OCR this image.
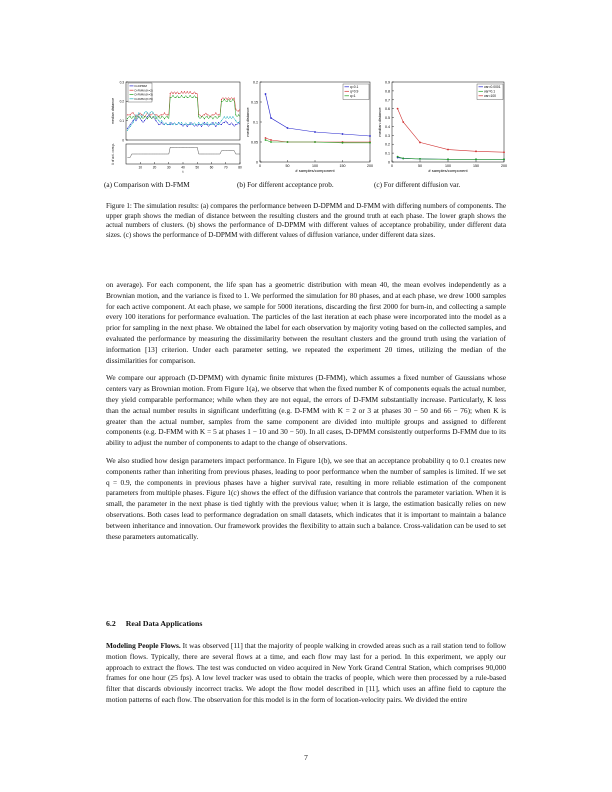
0
0.1
0.2
0.3
10	20	30	40	50	60	70	80
t
median distance
# of act. com p.
D-DPMM
D-FMM (K=2)
D-FMM (K=3)
D-FMM (K=5)
0
0.05
0.1
0.15
0.2
0	50	100	150	200
# samples/component
median distance
q=0.1
q=0.9
q=1
0
0.1
0.2
0.3
0.4
0.5
0.6
0.7
0.8
0.9
0	50	100	150	200
# samples/component
median distance
var=0.0001
var=0.1
var=100
(a) Comparison with D-FMM	(b) For different acceptance prob.	(c) For different diffusion var.
Figure 1: The simulation results: (a) compares the performance between D-DPMM and D-FMM with differing numbers of components. The upper graph shows the median of distance between the resulting clusters and the ground truth at each phase. The lower graph shows the actual numbers of clusters. (b) shows the performance of D-DPMM with different values of acceptance probability, under different data sizes. (c) shows the performance of D-DPMM with different values of diffusion variance, under different data sizes.

on average). For each component, the life span has a geometric distribution with mean 40, the mean evolves independently as a Brownian motion, and the variance is fixed to 1. We performed the simulation for 80 phases, and at each phase, we drew 1000 samples for each active component. At each phase, we sample for 5000 iterations, discarding the first 2000 for burn-in, and collecting a sample every 100 iterations for performance evaluation. The particles of the last iteration at each phase were incorporated into the model as a prior for sampling in the next phase. We obtained the label for each observation by majority voting based on the collected samples, and evaluated the performance by measuring the dissimilarity between the resultant clusters and the ground truth using the variation of information [13] criterion. Under each parameter setting, we repeated the experiment 20 times, utilizing the median of the dissimilarities for comparison.

We compare our approach (D-DPMM) with dynamic finite mixtures (D-FMM), which assumes a fixed number of Gaussians whose centers vary as Brownian motion. From Figure 1(a), we observe that when the fixed number K of components equals the actual number, they yield comparable performance; while when they are not equal, the errors of D-FMM substantially increase. Particularly, K less than the actual number results in significant underfitting (e.g. D-FMM with K = 2 or 3 at phases 30 − 50 and 66 − 76); when K is greater than the actual number, samples from the same component are divided into multiple groups and assigned to different components (e.g. D-FMM with K = 5 at phases 1 − 10 and 30 − 50). In all cases, D-DPMM consistently outperforms D-FMM due to its ability to adjust the number of components to adapt to the change of observations.

We also studied how design parameters impact performance. In Figure 1(b), we see that an acceptance probability q to 0.1 creates new components rather than inheriting from previous phases, leading to poor performance when the number of samples is limited. If we set q = 0.9, the components in previous phases have a higher survival rate, resulting in more reliable estimation of the component parameters from multiple phases. Figure 1(c) shows the effect of the diffusion variance that controls the parameter variation. When it is small, the parameter in the next phase is tied tightly with the previous value; when it is large, the estimation basically relies on new observations. Both cases lead to performance degradation on small datasets, which indicates that it is important to maintain a balance between inheritance and innovation. Our framework provides the flexibility to attain such a balance. Cross-validation can be used to set these parameters automatically.

6.2 Real Data Applications

Modeling People Flows. It was observed [11] that the majority of people walking in crowded areas such as a rail station tend to follow motion flows. Typically, there are several flows at a time, and each flow may last for a period. In this experiment, we apply our approach to extract the flows. The test was conducted on video acquired in New York Grand Central Station, which comprises 90,000 frames for one hour (25 fps). A low level tracker was used to obtain the tracks of people, which were then processed by a rule-based filter that discards obviously incorrect tracks. We adopt the flow model described in [11], which uses an affine field to capture the motion patterns of each flow. The observation for this model is in the form of location-velocity pairs. We divided the entire

7
